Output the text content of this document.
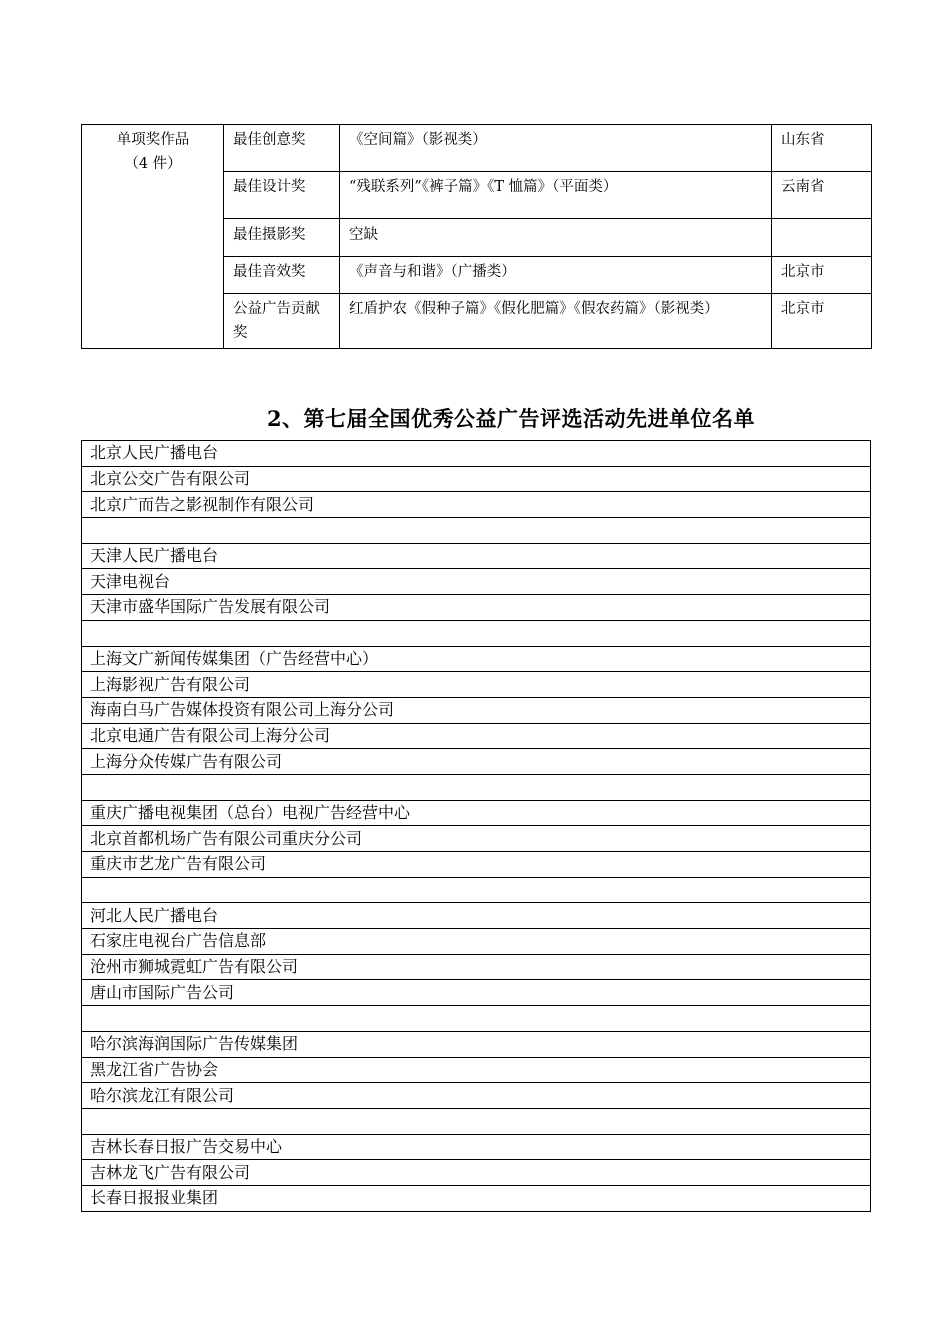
单项奖作品
（4 件）	最佳创意奖	《空间篇》（影视类）	山东省
	最佳设计奖	“残联系列”《裤子篇》《T 恤篇》（平面类）	云南省
	最佳摄影奖	空缺	
	最佳音效奖	《声音与和谐》（广播类）	北京市
	公益广告贡献奖	红盾护农《假种子篇》《假化肥篇》《假农药篇》（影视类）	北京市
2、第七届全国优秀公益广告评选活动先进单位名单
北京人民广播电台
北京公交广告有限公司
北京广而告之影视制作有限公司

天津人民广播电台
天津电视台
天津市盛华国际广告发展有限公司

上海文广新闻传媒集团（广告经营中心）
上海影视广告有限公司
海南白马广告媒体投资有限公司上海分公司
北京电通广告有限公司上海分公司
上海分众传媒广告有限公司

重庆广播电视集团（总台）电视广告经营中心
北京首都机场广告有限公司重庆分公司
重庆市艺龙广告有限公司

河北人民广播电台
石家庄电视台广告信息部
沧州市狮城霓虹广告有限公司
唐山市国际广告公司

哈尔滨海润国际广告传媒集团
黑龙江省广告协会
哈尔滨龙江有限公司

吉林长春日报广告交易中心
吉林龙飞广告有限公司
长春日报报业集团
